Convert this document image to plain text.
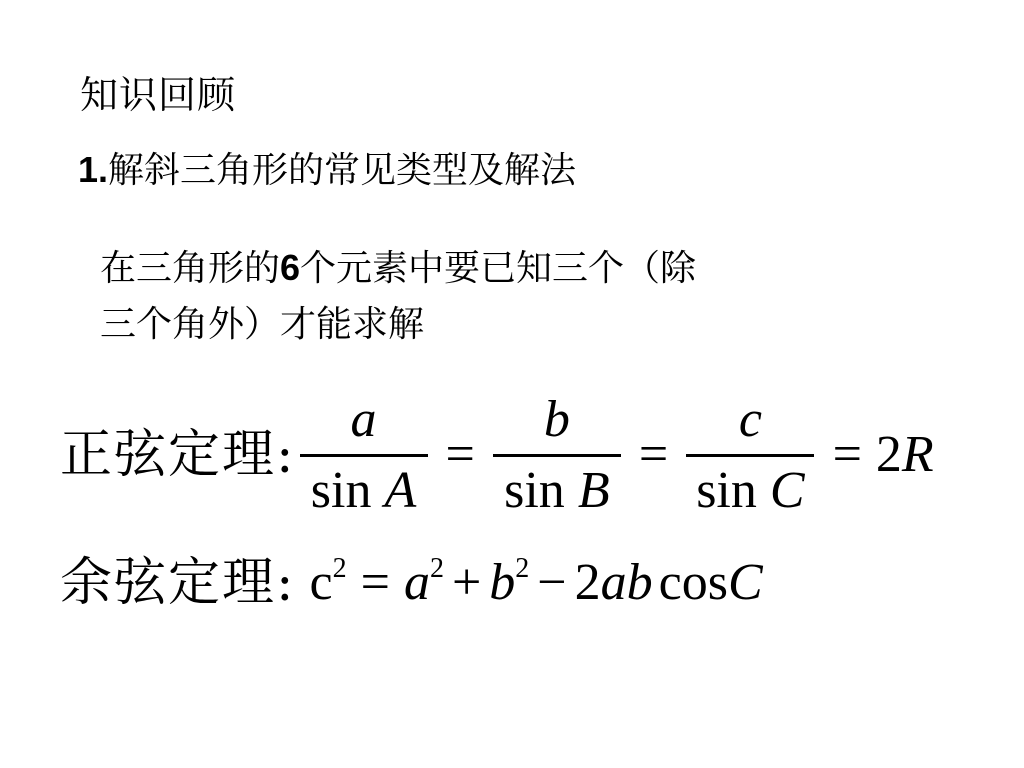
知识回顾
1.解斜三角形的常见类型及解法
在三角形的6个元素中要已知三个（除
三个角外）才能求解
正弦定理: $\frac{a}{\text{sin A}} = \frac{b}{\text{sin B}} = \frac{c}{\text{sin C}} = 2R$
余弦定理: $c^2 = a^2 + b^2 - 2ab$ cosC
